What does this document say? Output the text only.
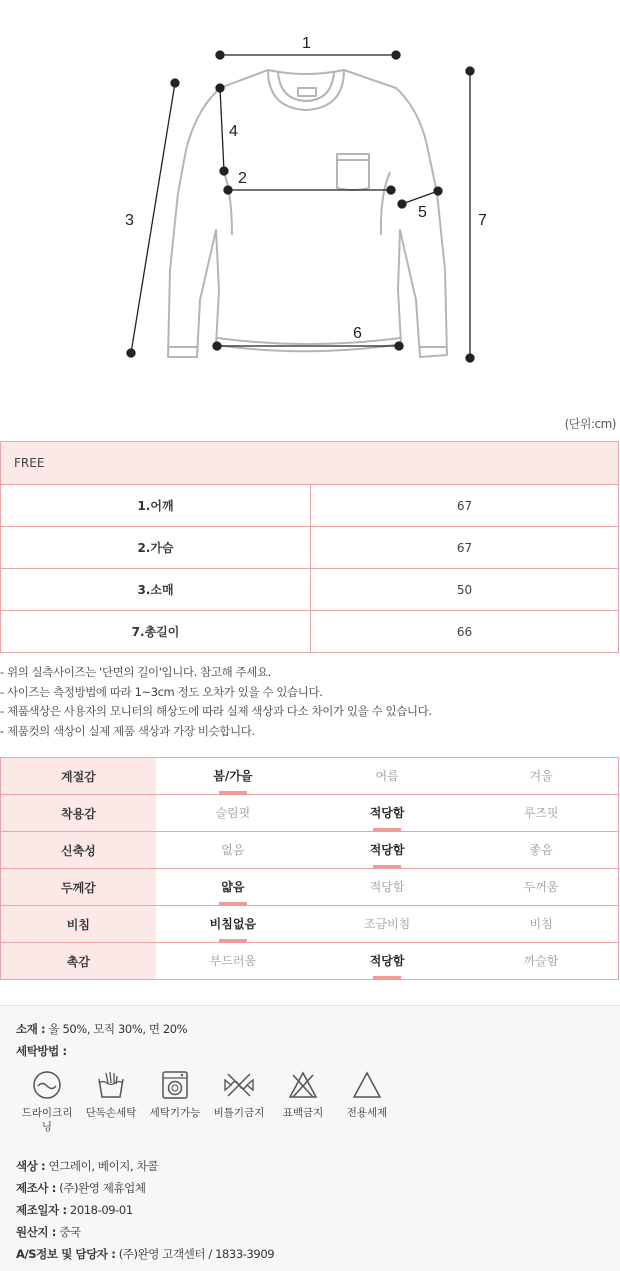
1
2
3
4
5
6
7
(단위:cm)
FREE	
1.어깨	67
2.가슴	67
3.소매	50
7.총길이	66
- 위의 실측사이즈는 '단면의 길이'입니다. 참고해 주세요.
- 사이즈는 측정방법에 따라 1~3cm 정도 오차가 있을 수 있습니다.
- 제품색상은 사용자의 모니터의 해상도에 따라 실제 색상과 다소 차이가 있을 수 있습니다.
- 제품컷의 색상이 실제 제품 색상과 가장 비슷합니다.
계절감	봄/가을	여름	겨울
착용감	슬림핏	적당함	루즈핏
신축성	없음	적당함	좋음
두께감	얇음	적당함	두꺼움
비침	비침없음	조금비침	비침
촉감	부드러움	적당함	까슬함
소재 : 울 50%, 모직 30%, 면 20%
세탁방법 :
드라이크리닝
단독손세탁	세탁기가능	비틀기금지	표백금지	전용세제
색상 : 연그레이, 베이지, 차콜
제조사 : (주)완영 제휴업체
제조일자 : 2018-09-01
원산지 : 중국
A/S정보 및 담당자 : (주)완영 고객센터 / 1833-3909
